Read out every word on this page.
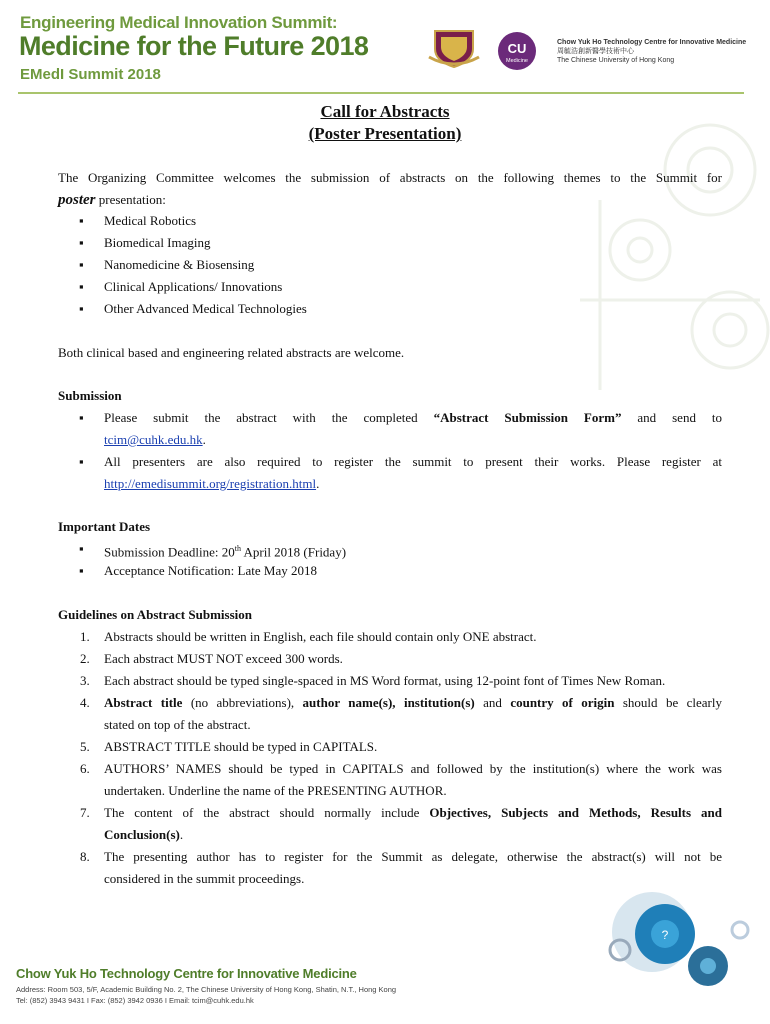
Engineering Medical Innovation Summit:
Medicine for the Future 2018
EMedI Summit 2018
CU
Medicine
Chow Yuk Ho Technology Centre for Innovative Medicine
周毓浩創新醫學技術中心
The Chinese University of Hong Kong
Call for Abstracts
(Poster Presentation)
The Organizing Committee welcomes the submission of abstracts on the following themes to the Summit for
poster presentation:
▪ Medical Robotics
▪ Biomedical Imaging
▪ Nanomedicine & Biosensing
▪ Clinical Applications/ Innovations
▪ Other Advanced Medical Technologies
Both clinical based and engineering related abstracts are welcome.
Submission
▪ Please submit the abstract with the completed “Abstract Submission Form” and send to
tcim@cuhk.edu.hk.
▪ All presenters are also required to register the summit to present their works. Please register at
http://emedisummit.org/registration.html.
Important Dates
▪ Submission Deadline: 20th April 2018 (Friday)
▪ Acceptance Notification: Late May 2018
Guidelines on Abstract Submission
1. Abstracts should be written in English, each file should contain only ONE abstract.
2. Each abstract MUST NOT exceed 300 words.
3. Each abstract should be typed single-spaced in MS Word format, using 12-point font of Times New Roman.
4. Abstract title (no abbreviations), author name(s), institution(s) and country of origin should be clearly
stated on top of the abstract.
5. ABSTRACT TITLE should be typed in CAPITALS.
6. AUTHORS’ NAMES should be typed in CAPITALS and followed by the institution(s) where the work was
undertaken. Underline the name of the PRESENTING AUTHOR.
7. The content of the abstract should normally include Objectives, Subjects and Methods, Results and
Conclusion(s).
8. The presenting author has to register for the Summit as delegate, otherwise the abstract(s) will not be
considered in the summit proceedings.
?
Chow Yuk Ho Technology Centre for Innovative Medicine
Address: Room 503, 5/F, Academic Building No. 2, The Chinese University of Hong Kong, Shatin, N.T., Hong Kong
Tel: (852) 3943 9431 I Fax: (852) 3942 0936 I Email: tcim@cuhk.edu.hk
